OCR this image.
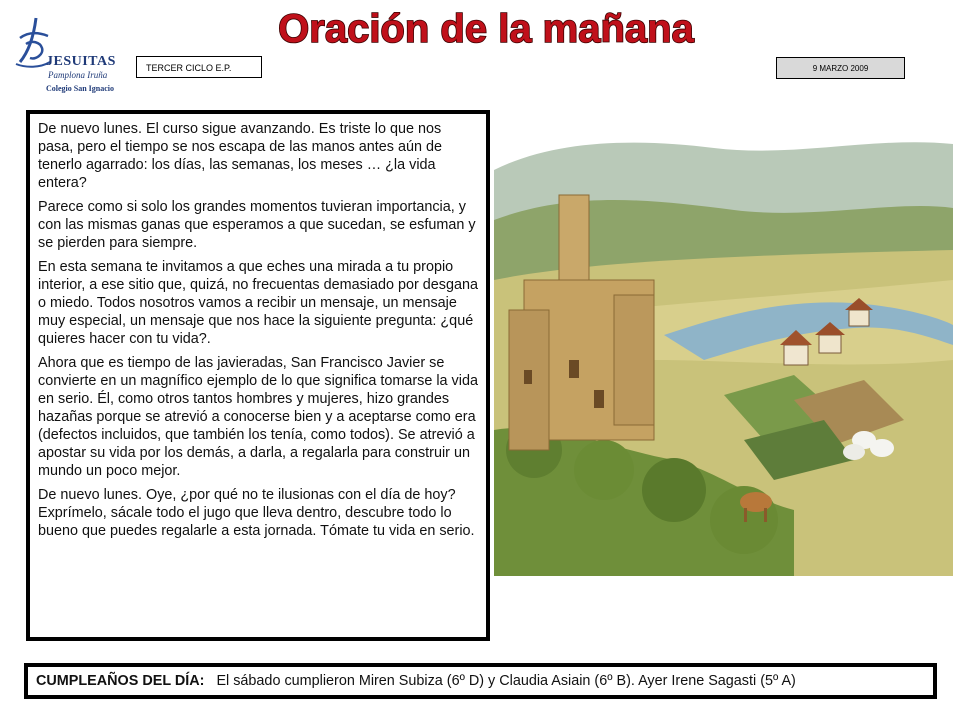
JESUITAS
Pamplona Iruña
Colegio San Ignacio
Oración de la mañana
TERCER CICLO E.P.	9 MARZO 2009

De nuevo lunes. El curso sigue avanzando. Es triste lo que nos pasa, pero el tiempo se nos escapa de las manos antes aún de tenerlo agarrado: los días, las semanas, los meses … ¿la vida entera?

Parece como si solo los grandes momentos tuvieran importancia, y con las mismas ganas que esperamos a que sucedan, se esfuman y se pierden para siempre.

En esta semana te invitamos a que eches una mirada a tu propio interior, a ese sitio que, quizá, no frecuentas demasiado por desgana o miedo. Todos nosotros vamos a recibir un mensaje, un mensaje muy especial, un mensaje que nos hace la siguiente pregunta: ¿qué quieres hacer con tu vida?.

Ahora que es tiempo de las javieradas, San Francisco Javier se convierte en un magnífico ejemplo de lo que significa tomarse la vida en serio. Él, como otros tantos hombres y mujeres, hizo grandes hazañas porque se atrevió a conocerse bien y a aceptarse como era (defectos incluidos, que también los tenía, como todos). Se atrevió a apostar su vida por los demás, a darla, a regalarla para construir un mundo un poco mejor.

De nuevo lunes. Oye, ¿por qué no te ilusionas con el día de hoy? Exprímelo, sácale todo el jugo que lleva dentro, descubre todo lo bueno que puedes regalarle a esta jornada. Tómate tu vida en serio.

CUMPLEAÑOS DEL DÍA: El sábado cumplieron Miren Subiza (6º D) y Claudia Asiain (6º B). Ayer Irene Sagasti (5º A)
